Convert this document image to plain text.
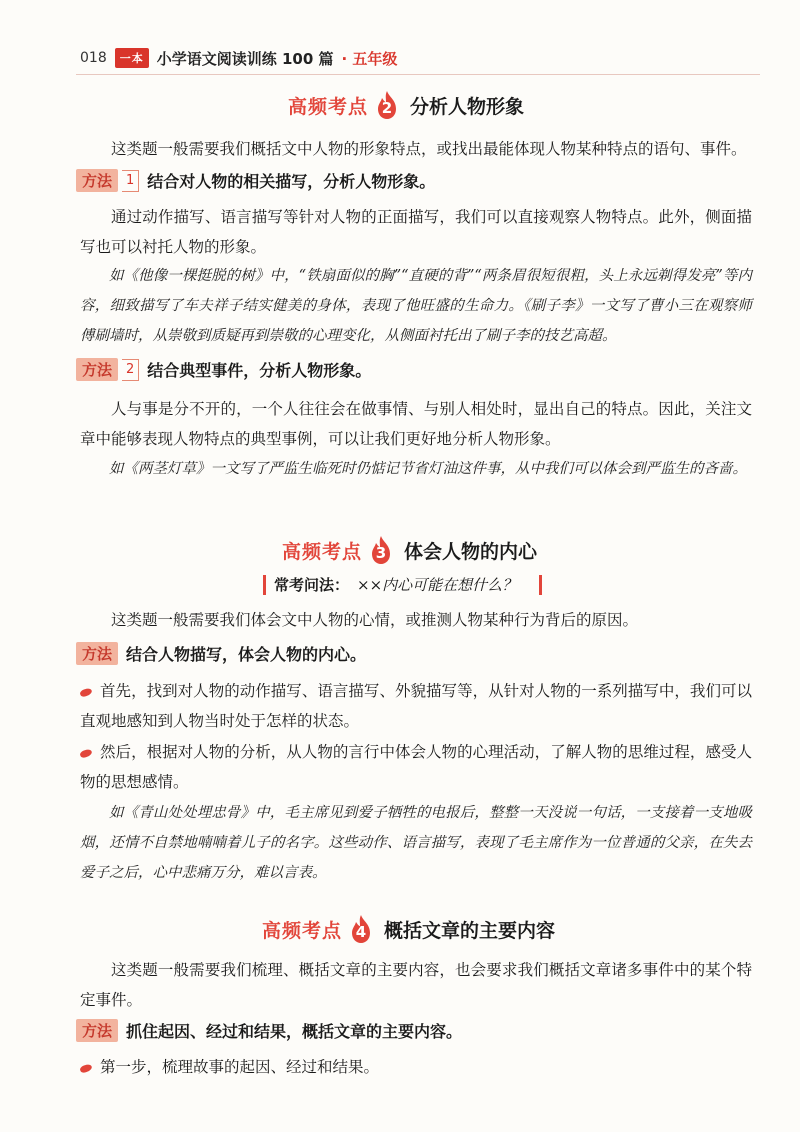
018	一本 小学语文阅读训练 100 篇 · 五年级
高频考点 2 分析人物形象
这类题一般需要我们概括文中人物的形象特点，或找出最能体现人物某种特点的语句、事件。
方法	1 结合对人物的相关描写，分析人物形象。
通过动作描写、语言描写等针对人物的正面描写，我们可以直接观察人物特点。此外，侧面描写也可以衬托人物的形象。
如《他像一棵挺脱的树》中，“铁扇面似的胸”“直硬的背”“两条眉很短很粗，头上永远剃得发亮”等内容，细致描写了车夫祥子结实健美的身体，表现了他旺盛的生命力。《刷子李》一文写了曹小三在观察师傅刷墙时，从崇敬到质疑再到崇敬的心理变化，从侧面衬托出了刷子李的技艺高超。
方法	2 结合典型事件，分析人物形象。
人与事是分不开的，一个人往往会在做事情、与别人相处时，显出自己的特点。因此，关注文章中能够表现人物特点的典型事例，可以让我们更好地分析人物形象。
如《两茎灯草》一文写了严监生临死时仍惦记节省灯油这件事，从中我们可以体会到严监生的吝啬。
高频考点 3 体会人物的内心
常考问法： ××内心可能在想什么？
这类题一般需要我们体会文中人物的心情，或推测人物某种行为背后的原因。
方法 结合人物描写，体会人物的内心。
首先，找到对人物的动作描写、语言描写、外貌描写等，从针对人物的一系列描写中，我们可以直观地感知到人物当时处于怎样的状态。
然后，根据对人物的分析，从人物的言行中体会人物的心理活动，了解人物的思维过程，感受人物的思想感情。
如《青山处处埋忠骨》中，毛主席见到爱子牺牲的电报后，整整一天没说一句话，一支接着一支地吸烟，还情不自禁地喃喃着儿子的名字。这些动作、语言描写，表现了毛主席作为一位普通的父亲，在失去爱子之后，心中悲痛万分，难以言表。
高频考点 4 概括文章的主要内容
这类题一般需要我们梳理、概括文章的主要内容，也会要求我们概括文章诸多事件中的某个特定事件。
方法 抓住起因、经过和结果，概括文章的主要内容。
第一步，梳理故事的起因、经过和结果。
